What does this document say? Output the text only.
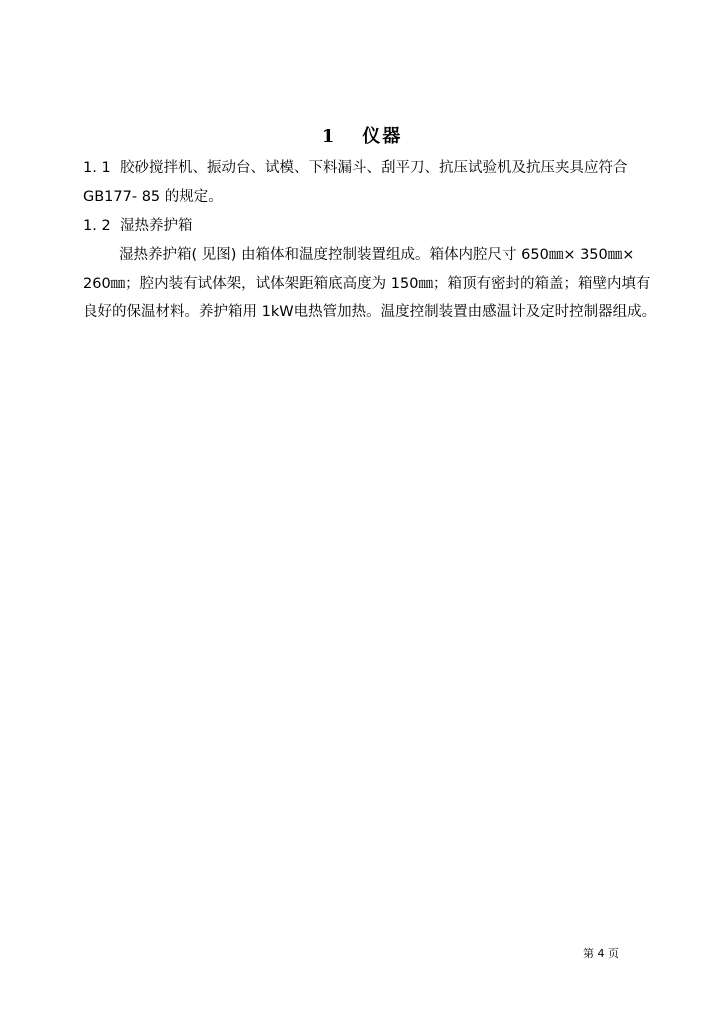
1 仪器
1. 1 胶砂搅拌机、振动台、试模、下料漏斗、刮平刀、抗压试验机及抗压夹具应符合
GB177- 85 的规定。
1. 2 湿热养护箱
湿热养护箱( 见图) 由箱体和温度控制装置组成。箱体内腔尺寸 650㎜× 350㎜×
260㎜；腔内装有试体架，试体架距箱底高度为 150㎜；箱顶有密封的箱盖；箱壁内填有
良好的保温材料。养护箱用 1kW电热管加热。温度控制装置由感温计及定时控制器组成。
第 4 页
